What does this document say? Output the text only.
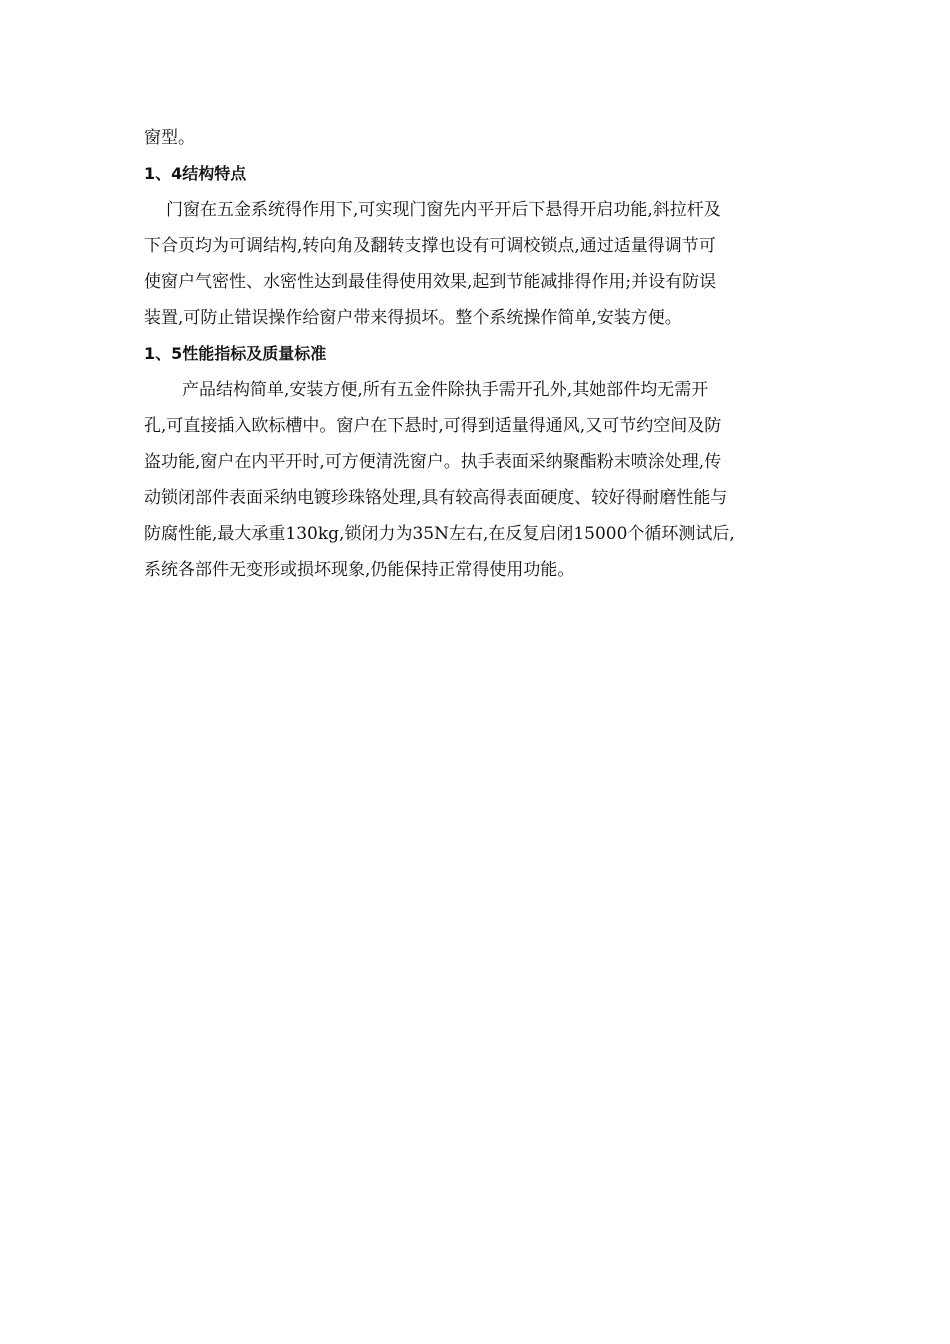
窗型。

1、4结构特点

门窗在五金系统得作用下,可实现门窗先内平开后下悬得开启功能,斜拉杆及

下合页均为可调结构,转向角及翻转支撑也设有可调校锁点,通过适量得调节可

使窗户气密性、水密性达到最佳得使用效果,起到节能减排得作用;并设有防误

装置,可防止错误操作给窗户带来得损坏。整个系统操作简单,安装方便。

1、5性能指标及质量标准

产品结构简单,安装方便,所有五金件除执手需开孔外,其她部件均无需开

孔,可直接插入欧标槽中。窗户在下悬时,可得到适量得通风,又可节约空间及防

盗功能,窗户在内平开时,可方便清洗窗户。执手表面采纳聚酯粉末喷涂处理,传

动锁闭部件表面采纳电镀珍珠铬处理,具有较高得表面硬度、较好得耐磨性能与

防腐性能,最大承重130kg,锁闭力为35N左右,在反复启闭15000个循环测试后,

系统各部件无变形或损坏现象,仍能保持正常得使用功能。
